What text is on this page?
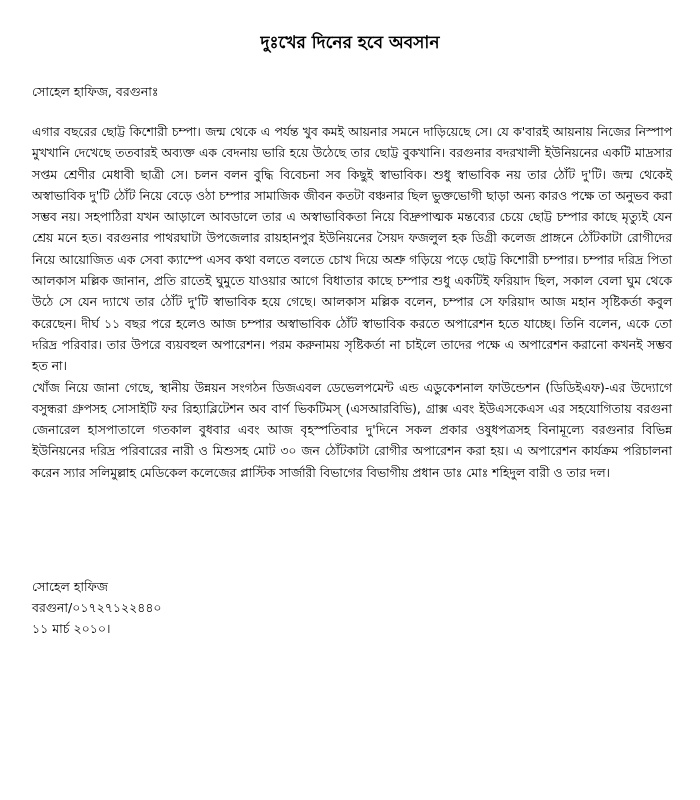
দুঃখের দিনের হবে অবসান
সোহেল হাফিজ, বরগুনাঃ

এগার বছরের ছোট্ট কিশোরী চম্পা। জন্ম থেকে এ পর্যন্ত খুব কমই আয়নার সমনে দাড়িয়েছে সে। যে ক'বারই আয়নায় নিজের নিস্পাপ মুখখানি দেখেছে ততবারই অব্যক্ত এক বেদনায় ভারি হয়ে উঠেছে তার ছোট্ট বুকখানি। বরগুনার বদরখালী ইউনিয়নের একটি মাদ্রসার সপ্তম শ্রেণীর মেধাবী ছাত্রী সে। চলন বলন বুদ্ধি বিবেচনা সব কিছুই স্বাভাবিক। শুধু স্বাভাবিক নয় তার ঠোঁট দু'টি। জন্ম থেকেই অস্বাভাবিক দু'টি ঠোঁট নিয়ে বেড়ে ওঠা চম্পার সামাজিক জীবন কতটা বঞ্চনার ছিল ভুক্তভোগী ছাড়া অন্য কারও পক্ষে তা অনুভব করা সম্ভব নয়। সহপাঠিরা যখন আড়ালে আবডালে তার এ অস্বাভাবিকতা নিয়ে বিদ্রুপাত্মক মন্তব্যের চেয়ে ছোট্ট চম্পার কাছে মৃত্যুই যেন শ্রেয় মনে হত। বরগুনার পাথরঘাটা উপজেলার রায়হানপুর ইউনিয়নের সৈয়দ ফজলুল হক ডিগ্রী কলেজ প্রাঙ্গনে ঠোঁটকাটা রোগীদের নিয়ে আয়োজিত এক সেবা ক্যাম্পে এসব কথা বলতে বলতে চোখ দিয়ে অশ্রু গড়িয়ে পড়ে ছোট্ট কিশোরী চম্পার। চম্পার দরিদ্র পিতা আলকাস মল্লিক জানান, প্রতি রাতেই ঘুমুতে যাওয়ার আগে বিধাতার কাছে চম্পার শুধু একটিই ফরিয়াদ ছিল, সকাল বেলা ঘুম থেকে উঠে সে যেন দ্যাখে তার ঠোঁট দু'টি স্বাভাবিক হয়ে গেছে। আলকাস মল্লিক বলেন, চম্পার সে ফরিয়াদ আজ মহান সৃষ্টিকর্তা কবুল করেছেন। দীর্ঘ ১১ বছর পরে হলেও আজ চম্পার অস্বাভাবিক ঠোঁট স্বাভাবিক করতে অপারেশন হতে যাচ্ছে। তিনি বলেন, একে তো দরিদ্র পরিবার। তার উপরে ব্যয়বহুল অপারেশন। পরম করুনাময় সৃষ্টিকর্তা না চাইলে তাদের পক্ষে এ অপারেশন করানো কখনই সম্ভব হত না।

খোঁজ নিয়ে জানা গেছে, স্থানীয় উন্নয়ন সংগঠন ডিজএবল ডেভেলপমেন্ট এন্ড এডুকেশনাল ফাউন্ডেশন (ডিডিইএফ)-এর উদ্যোগে বসুন্ধরা গ্রুপসহ সোসাইটি ফর রিহ্যাব্লিটেশন অব বার্ণ ভিকটিমস্ (এসআরবিভি), গ্রাক্স এবং ইউএসকেএস এর সহযোগিতায় বরগুনা জেনারেল হাসপাতালে গতকাল বুধবার এবং আজ বৃহস্পতিবার দু'দিনে সকল প্রকার ওষুধপত্রসহ বিনামূল্যে বরগুনার বিভিন্ন ইউনিয়নের দরিদ্র পরিবারের নারী ও মিশুসহ মোট ৩০ জন ঠোঁটকাটা রোগীর অপারেশন করা হয়। এ অপারেশন কার্যক্রম পরিচালনা করেন স্যার সলিমুল্লাহ মেডিকেল কলেজের প্লাস্টিক সার্জারী বিভাগের বিভাগীয় প্রধান ডাঃ মোঃ শহিদুল বারী ও তার দল।

সোহেল হাফিজ
বরগুনা/০১৭২৭১২২৪৪০
১১ মার্চ ২০১০।
